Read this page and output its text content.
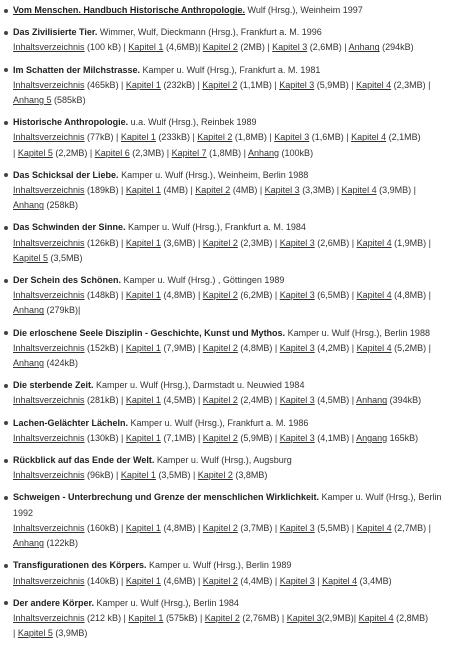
Vom Menschen. Handbuch Historische Anthropologie. Wulf (Hrsg.), Weinheim 1997
Das Zivilisierte Tier. Wimmer, Wulf, Dieckmann (Hrsg.), Frankfurt a. M. 1996
Inhaltsverzeichnis (100 kB) | Kapitel 1 (4,6MB)| Kapitel 2 (2MB) | Kapitel 3 (2,6MB) | Anhang (294kB)
Im Schatten der Milchstrasse. Kamper u. Wulf (Hrsg.), Frankfurt a. M. 1981
Inhaltsverzeichnis (465kB) | Kapitel 1 (232kB) | Kapitel 2 (1,1MB) | Kapitel 3 (5,9MB) | Kapitel 4 (2,3MB) |
Anhang 5 (585kB)
Historische Anthropologie. u.a. Wulf (Hrsg.), Reinbek 1989
Inhaltsverzeichnis (77kB) | Kapitel 1 (233kB) | Kapitel 2 (1,8MB) | Kapitel 3 (1,6MB) | Kapitel 4 (2,1MB)
| Kapitel 5 (2,2MB) | Kapitel 6 (2,3MB) | Kapitel 7 (1,8MB) | Anhang (100kB)
Das Schicksal der Liebe. Kamper u. Wulf (Hrsg.), Weinheim, Berlin 1988
Inhaltsverzeichnis (189kB) | Kapitel 1 (4MB) | Kapitel 2 (4MB) | Kapitel 3 (3,3MB) | Kapitel 4 (3,9MB) |
Anhang (258kB)
Das Schwinden der Sinne. Kamper u. Wulf (Hrsg.), Frankfurt a. M. 1984
Inhaltsverzeichnis (126kB) | Kapitel 1 (3,6MB) | Kapitel 2 (2,3MB) | Kapitel 3 (2,6MB) | Kapitel 4 (1,9MB) |
Kapitel 5 (3,5MB)
Der Schein des Schönen. Kamper u. Wulf (Hrsg.) , Göttingen 1989
Inhaltsverzeichnis (148kB) | Kapitel 1 (4,8MB) | Kapitel 2 (6,2MB) | Kapitel 3 (6,5MB) | Kapitel 4 (4,8MB) |
Anhang (279kB)|
Die erloschene Seele Disziplin - Geschichte, Kunst und Mythos. Kamper u. Wulf (Hrsg.), Berlin 1988
Inhaltsverzeichnis (152kB) | Kapitel 1 (7,9MB) | Kapitel 2 (4,8MB) | Kapitel 3 (4,2MB) | Kapitel 4 (5,2MB) |
Anhang (424kB)
Die sterbende Zeit. Kamper u. Wulf (Hrsg.), Darmstadt u. Neuwied 1984
Inhaltsverzeichnis (281kB) | Kapitel 1 (4,5MB) | Kapitel 2 (2,4MB) | Kapitel 3 (4,5MB) | Anhang (394kB)
Lachen-Gelächter Lächeln. Kamper u. Wulf (Hrsg.), Frankfurt a. M. 1986
Inhaltsverzeichnis (130kB) | Kapitel 1 (7,1MB) | Kapitel 2 (5,9MB) | Kapitel 3 (4,1MB) | Angang 165kB)
Rückblick auf das Ende der Welt. Kamper u. Wulf (Hrsg.), Augsburg
Inhaltsverzeichnis (96kB) | Kapitel 1 (3,5MB) | Kapitel 2 (3,8MB)
Schweigen - Unterbrechung und Grenze der menschlichen Wirklichkeit. Kamper u. Wulf (Hrsg.), Berlin 1992
Inhaltsverzeichnis (160kB) | Kapitel 1 (4,8MB) | Kapitel 2 (3,7MB) | Kapitel 3 (5,5MB) | Kapitel 4 (2,7MB) |
Anhang (122kB)
Transfigurationen des Körpers. Kamper u. Wulf (Hrsg.), Berlin 1989
Inhaltsverzeichnis (140kB) | Kapitel 1 (4,6MB) | Kapitel 2 (4,4MB) | Kapitel 3 | Kapitel 4 (3,4MB)
Der andere Körper. Kamper u. Wulf (Hrsg.), Berlin 1984
Inhaltsverzeichnis (212 kB) | Kapitel 1 (575kB) | Kapitel 2 (2,76MB) | Kapitel 3(2,9MB)| Kapitel 4 (2,8MB)
| Kapitel 5 (3,9MB)
